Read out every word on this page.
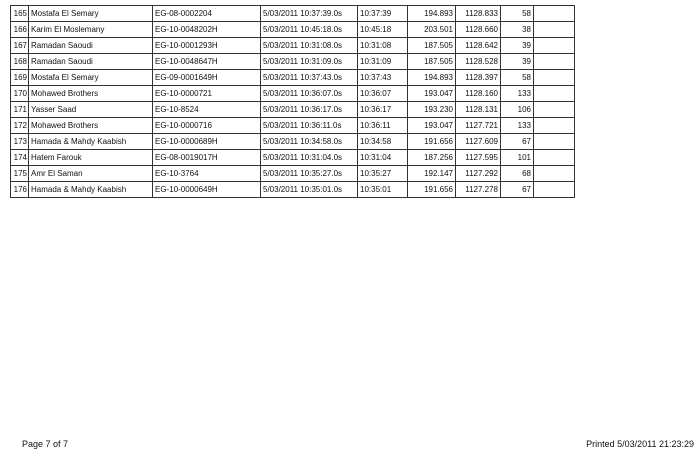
165	Mostafa El Semary	EG-08-0002204	5/03/2011 10:37:39.0s	10:37:39	194.893	1128.833	58	
166	Karim El Moslemany	EG-10-0048202H	5/03/2011 10:45:18.0s	10:45:18	203.501	1128.660	38	
167	Ramadan Saoudi	EG-10-0001293H	5/03/2011 10:31:08.0s	10:31:08	187.505	1128.642	39	
168	Ramadan Saoudi	EG-10-0048647H	5/03/2011 10:31:09.0s	10:31:09	187.505	1128.528	39	
169	Mostafa El Semary	EG-09-0001649H	5/03/2011 10:37:43.0s	10:37:43	194.893	1128.397	58	
170	Mohawed Brothers	EG-10-0000721	5/03/2011 10:36:07.0s	10:36:07	193.047	1128.160	133	
171	Yasser Saad	EG-10-8524	5/03/2011 10:36:17.0s	10:36:17	193.230	1128.131	106	
172	Mohawed Brothers	EG-10-0000716	5/03/2011 10:36:11.0s	10:36:11	193.047	1127.721	133	
173	Hamada & Mahdy Kaabish	EG-10-0000689H	5/03/2011 10:34:58.0s	10:34:58	191.656	1127.609	67	
174	Hatem Farouk	EG-08-0019017H	5/03/2011 10:31:04.0s	10:31:04	187.256	1127.595	101	
175	Amr El Saman	EG-10-3764	5/03/2011 10:35:27.0s	10:35:27	192.147	1127.292	68	
176	Hamada & Mahdy Kaabish	EG-10-0000649H	5/03/2011 10:35:01.0s	10:35:01	191.656	1127.278	67	
Page 7 of 7	Printed 5/03/2011 21:23:29
